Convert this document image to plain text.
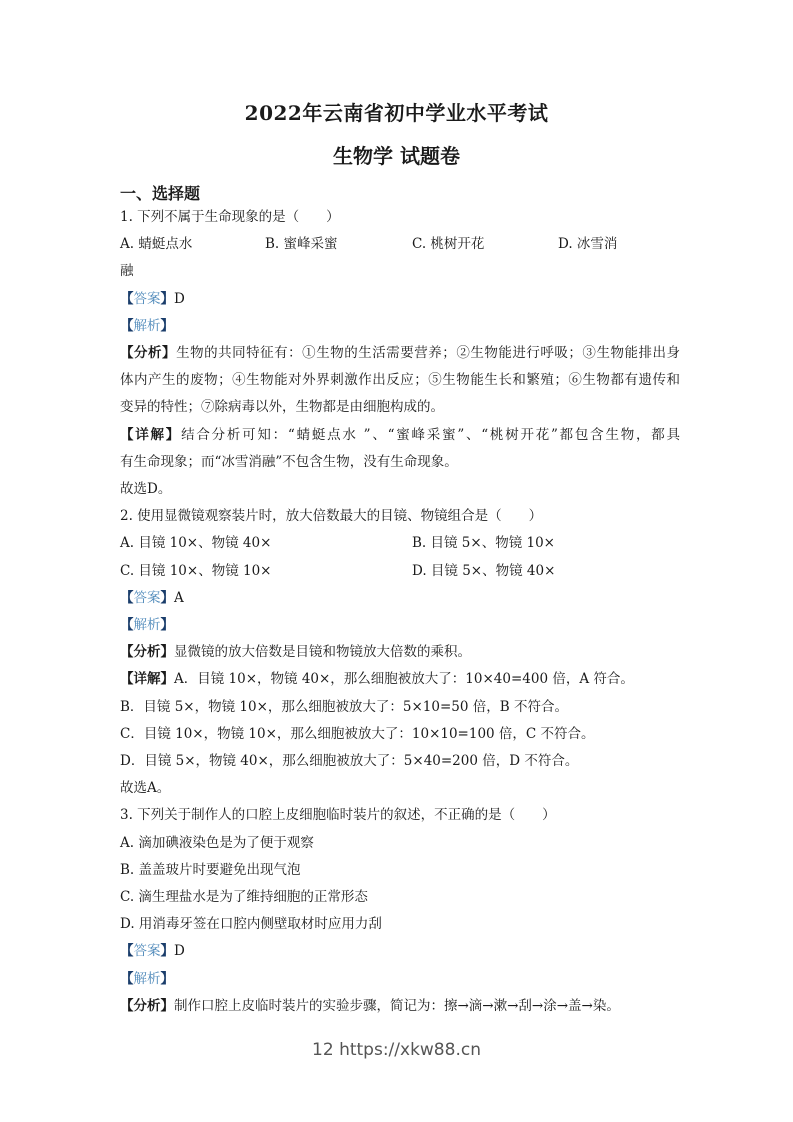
2022年云南省初中学业水平考试
生物学 试题卷
一、选择题
1. 下列不属于生命现象的是（　　）
A. 蜻蜓点水	B. 蜜峰采蜜	C. 桃树开花	D. 冰雪消融
【答案】D
【解析】
【分析】生物的共同特征有：①生物的生活需要营养；②生物能进行呼吸；③生物能排出身
体内产生的废物；④生物能对外界刺激作出反应；⑤生物能生长和繁殖；⑥生物都有遗传和
变异的特性；⑦除病毒以外，生物都是由细胞构成的。
【详解】结合分析可知：“蜻蜓点水 ”、“蜜峰采蜜”、“桃树开花”都包含生物，都具
有生命现象；而“冰雪消融”不包含生物，没有生命现象。
故选D。
2. 使用显微镜观察装片时，放大倍数最大的目镜、物镜组合是（　　）
A. 目镜 10×、物镜 40×	B. 目镜 5×、物镜 10×
C. 目镜 10×、物镜 10×	D. 目镜 5×、物镜 40×
【答案】A
【解析】
【分析】显微镜的放大倍数是目镜和物镜放大倍数的乘积。
【详解】A．目镜 10×，物镜 40×，那么细胞被放大了：10×40=400 倍，A 符合。
B．目镜 5×，物镜 10×，那么细胞被放大了：5×10=50 倍，B 不符合。
C．目镜 10×，物镜 10×，那么细胞被放大了：10×10=100 倍，C 不符合。
D．目镜 5×，物镜 40×，那么细胞被放大了：5×40=200 倍，D 不符合。
故选A。
3. 下列关于制作人的口腔上皮细胞临时装片的叙述，不正确的是（　　）
A. 滴加碘液染色是为了便于观察
B. 盖盖玻片时要避免出现气泡
C. 滴生理盐水是为了维持细胞的正常形态
D. 用消毒牙签在口腔内侧壁取材时应用力刮
【答案】D
【解析】
【分析】制作口腔上皮临时装片的实验步骤，简记为：擦→滴→漱→刮→涂→盖→染。
12 https://xkw88.cn
